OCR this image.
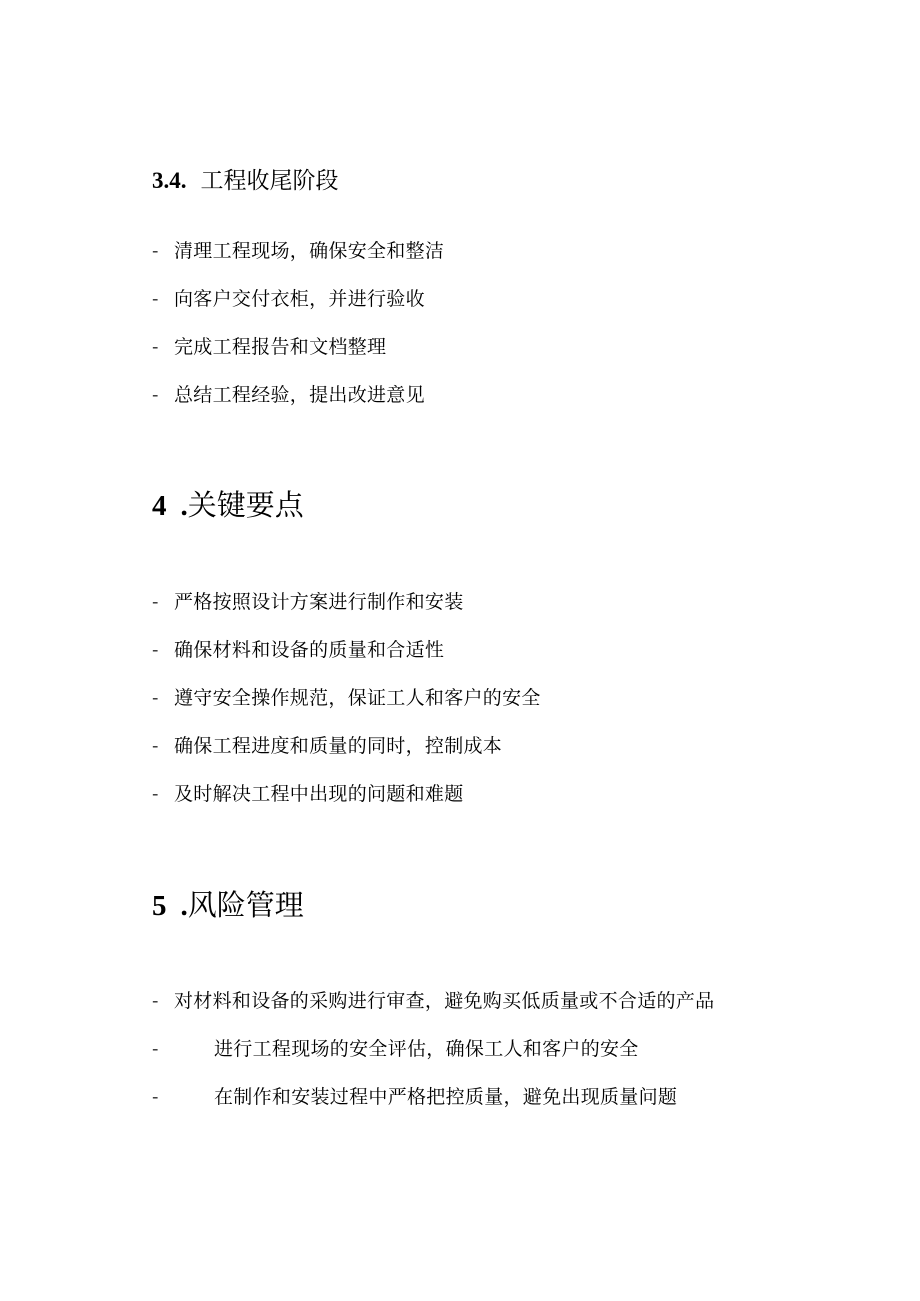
3.4. 工程收尾阶段
- 清理工程现场，确保安全和整洁
- 向客户交付衣柜，并进行验收
- 完成工程报告和文档整理
- 总结工程经验，提出改进意见
4 .关键要点
- 严格按照设计方案进行制作和安装
- 确保材料和设备的质量和合适性
- 遵守安全操作规范，保证工人和客户的安全
- 确保工程进度和质量的同时，控制成本
- 及时解决工程中出现的问题和难题
5 .风险管理
- 对材料和设备的采购进行审查，避免购买低质量或不合适的产品
-	进行工程现场的安全评估，确保工人和客户的安全
-	在制作和安装过程中严格把控质量，避免出现质量问题
